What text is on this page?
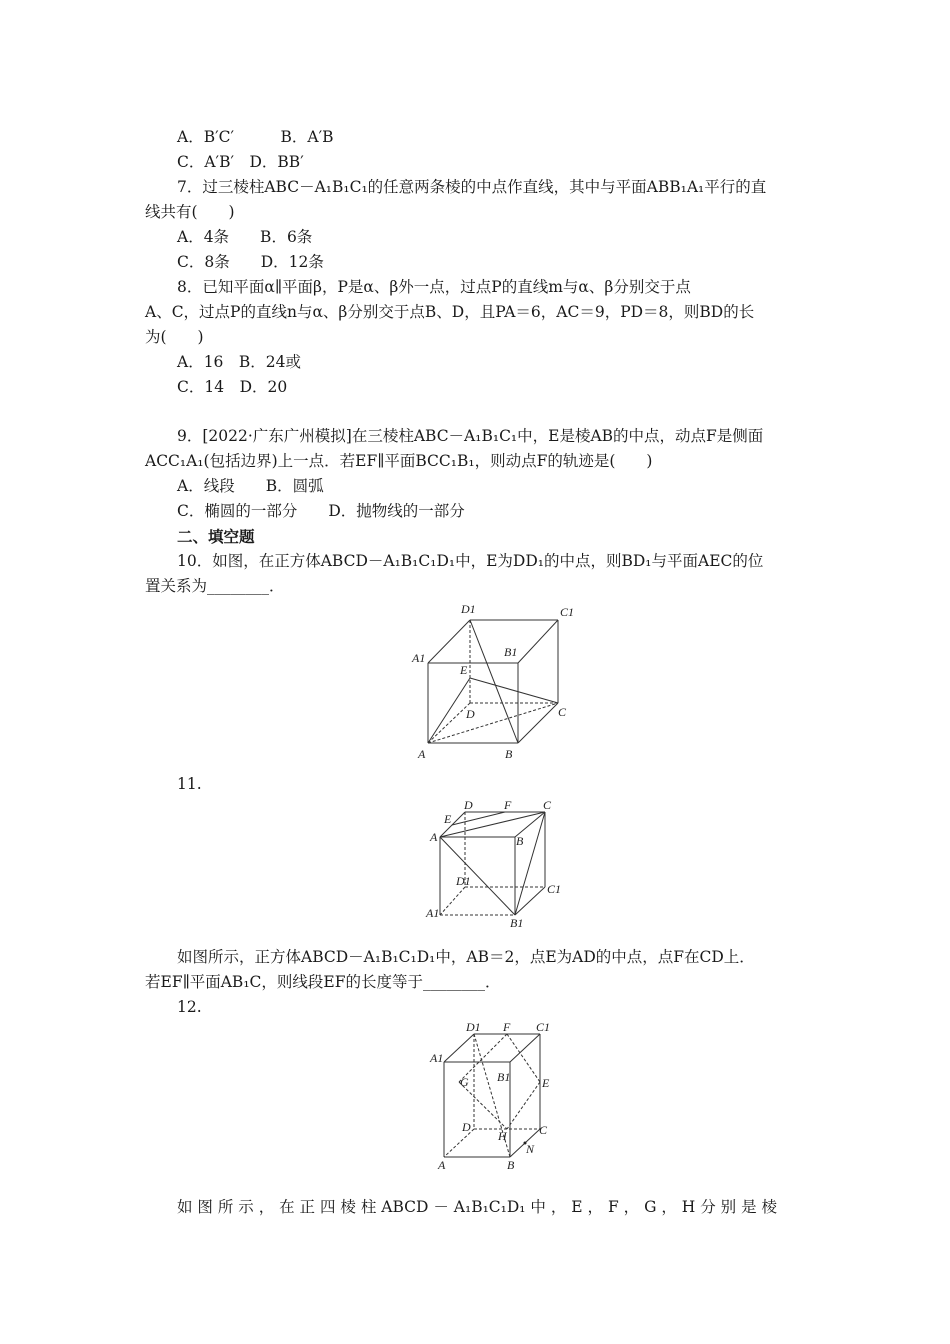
A．B′C′　　　B．A′B
C．A′B′　D．BB′
7．过三棱柱ABC－A₁B₁C₁的任意两条棱的中点作直线，其中与平面ABB₁A₁平行的直
线共有(　　)
A．4条　　B．6条
C．8条　　D．12条
8．已知平面α∥平面β，P是α、β外一点，过点P的直线m与α、β分别交于点
A、C，过点P的直线n与α、β分别交于点B、D，且PA＝6，AC＝9，PD＝8，则BD的长
为(　　)
A．16　B．24或
C．14　D．20
9．[2022·广东广州模拟]在三棱柱ABC－A₁B₁C₁中，E是棱AB的中点，动点F是侧面
ACC₁A₁(包括边界)上一点．若EF∥平面BCC₁B₁，则动点F的轨迹是(　　)
A．线段　　B．圆弧
C．椭圆的一部分　　D．抛物线的一部分
二、填空题
10．如图，在正方体ABCD－A₁B₁C₁D₁中，E为DD₁的中点，则BD₁与平面AEC的位
置关系为________．
D1	C1
A1	B1
E
D	C
A	B
11.
D	F	C
E
A	B
D1
C1
A1
B1
如图所示，正方体ABCD－A₁B₁C₁D₁中，AB＝2，点E为AD的中点，点F在CD上．
若EF∥平面AB₁C，则线段EF的长度等于________．
12.
D1 F C1
A1
G B1	E
D
H	C
N
A	B
如 图 所 示 ， 在 正 四 棱 柱 ABCD － A₁B₁C₁D₁ 中 ， E ， F ， G ， H 分 别 是 棱
